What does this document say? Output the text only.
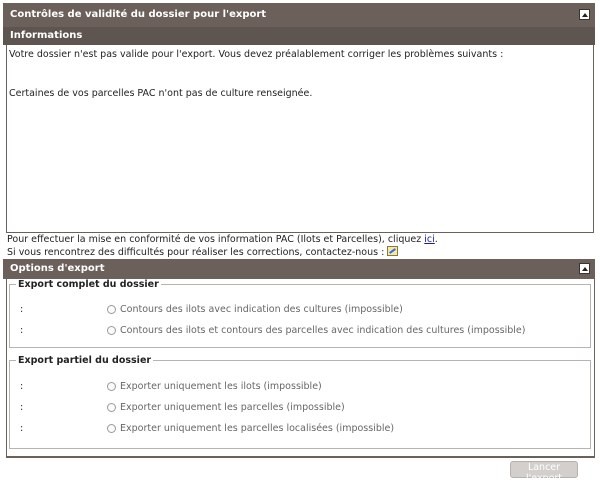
Contrôles de validité du dossier pour l'export
Informations

Votre dossier n'est pas valide pour l'export. Vous devez préalablement corriger les problèmes suivants :

Certaines de vos parcelles PAC n'ont pas de culture renseignée.

Pour effectuer la mise en conformité de vos information PAC (Ilots et Parcelles), cliquez ici.
Si vous rencontrez des difficultés pour réaliser les corrections, contactez-nous :
Options d'export
Export complet du dossier
:	Contours des ilots avec indication des cultures (impossible)
:	Contours des ilots et contours des parcelles avec indication des cultures (impossible)
Export partiel du dossier
:	Exporter uniquement les ilots (impossible)
:	Exporter uniquement les parcelles (impossible)
:	Exporter uniquement les parcelles localisées (impossible)
Lancer l'export
